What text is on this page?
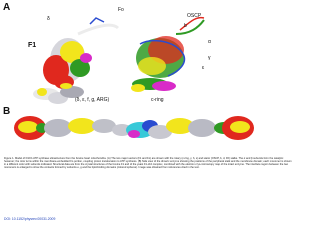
A
B
Fo
F1
δ	OSCP
b
α
γ
ε
(δ, ε, f, g, ARG)	c-ring
Figure 1. Model of F1FO-ATP synthase ultrastructure from the bovine heart mitochondria. (A) The two major sectors (F1 and Fo) are shown with the rotary (c-ring, γ, δ, ε) and stator (OSCP, b, d, F6) stalks. The α and β subunits form the catalytic hexamer; the rotor turns within the membrane-embedded Fo portion, coupling proton translocation to ATP synthesis. (B) Side view of the dimeric enzyme showing the positions of the peripheral stalk and the membrane domain; each monomer is shown in a different color with subunits indicated. Structural data are from the crystal structures of the bovine F1 and of the yeast F1-c10 complex, combined with the electron cryo-microscopy map of the intact enzyme. The interface region between the two monomers is enlarged to show the contacts formed by subunits e, g and the lipid-binding domains (colored spheres). Image was obtained from references cited in the text.
DOI: 10.1152/physrev.00031.2009
